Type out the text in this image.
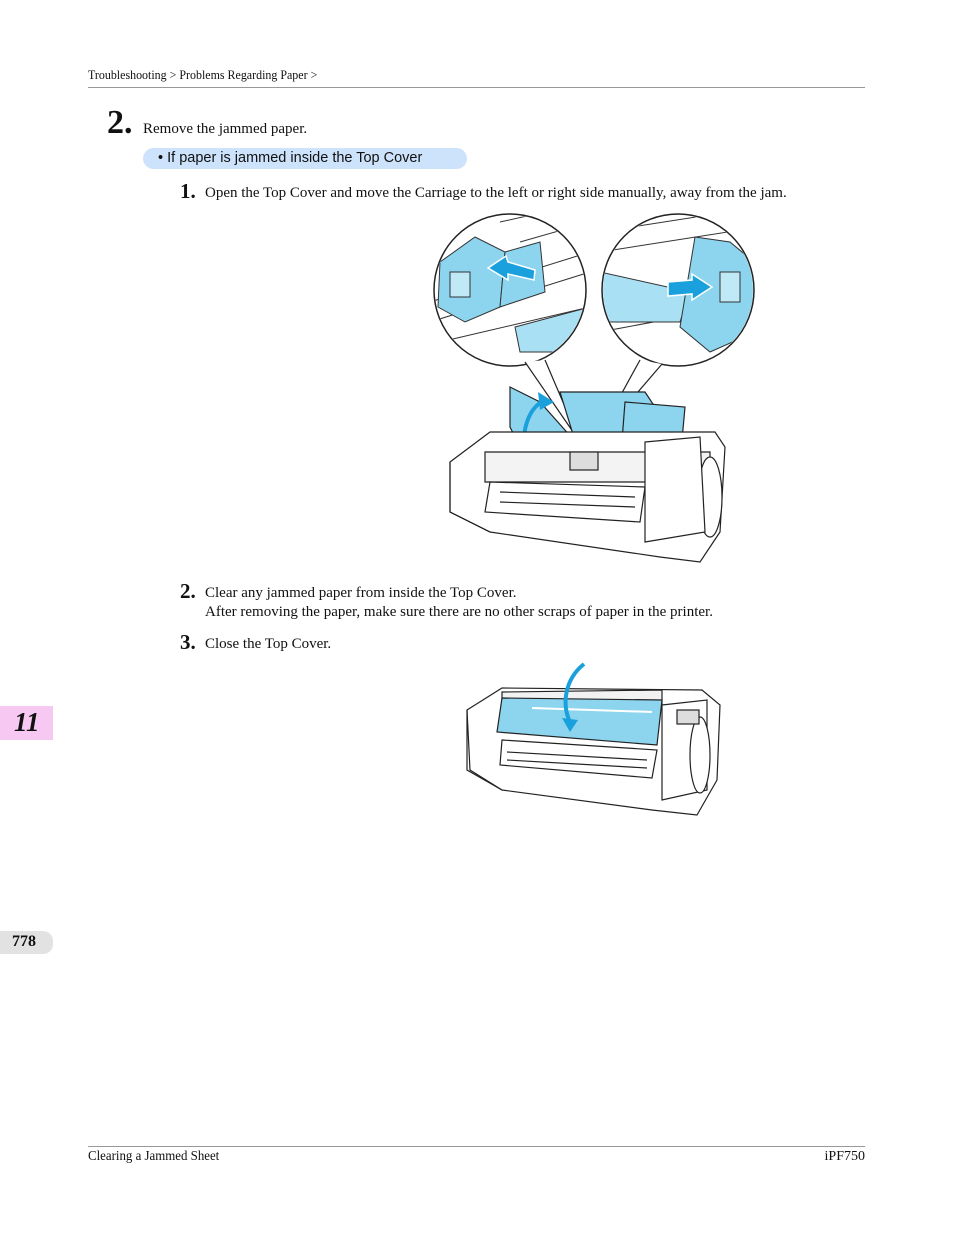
Troubleshooting > Problems Regarding Paper >
2. Remove the jammed paper.
• If paper is jammed inside the Top Cover
1. Open the Top Cover and move the Carriage to the left or right side manually, away from the jam.
2. Clear any jammed paper from inside the Top Cover.
After removing the paper, make sure there are no other scraps of paper in the printer.
3. Close the Top Cover.
11
778
Clearing a Jammed Sheet	iPF750
